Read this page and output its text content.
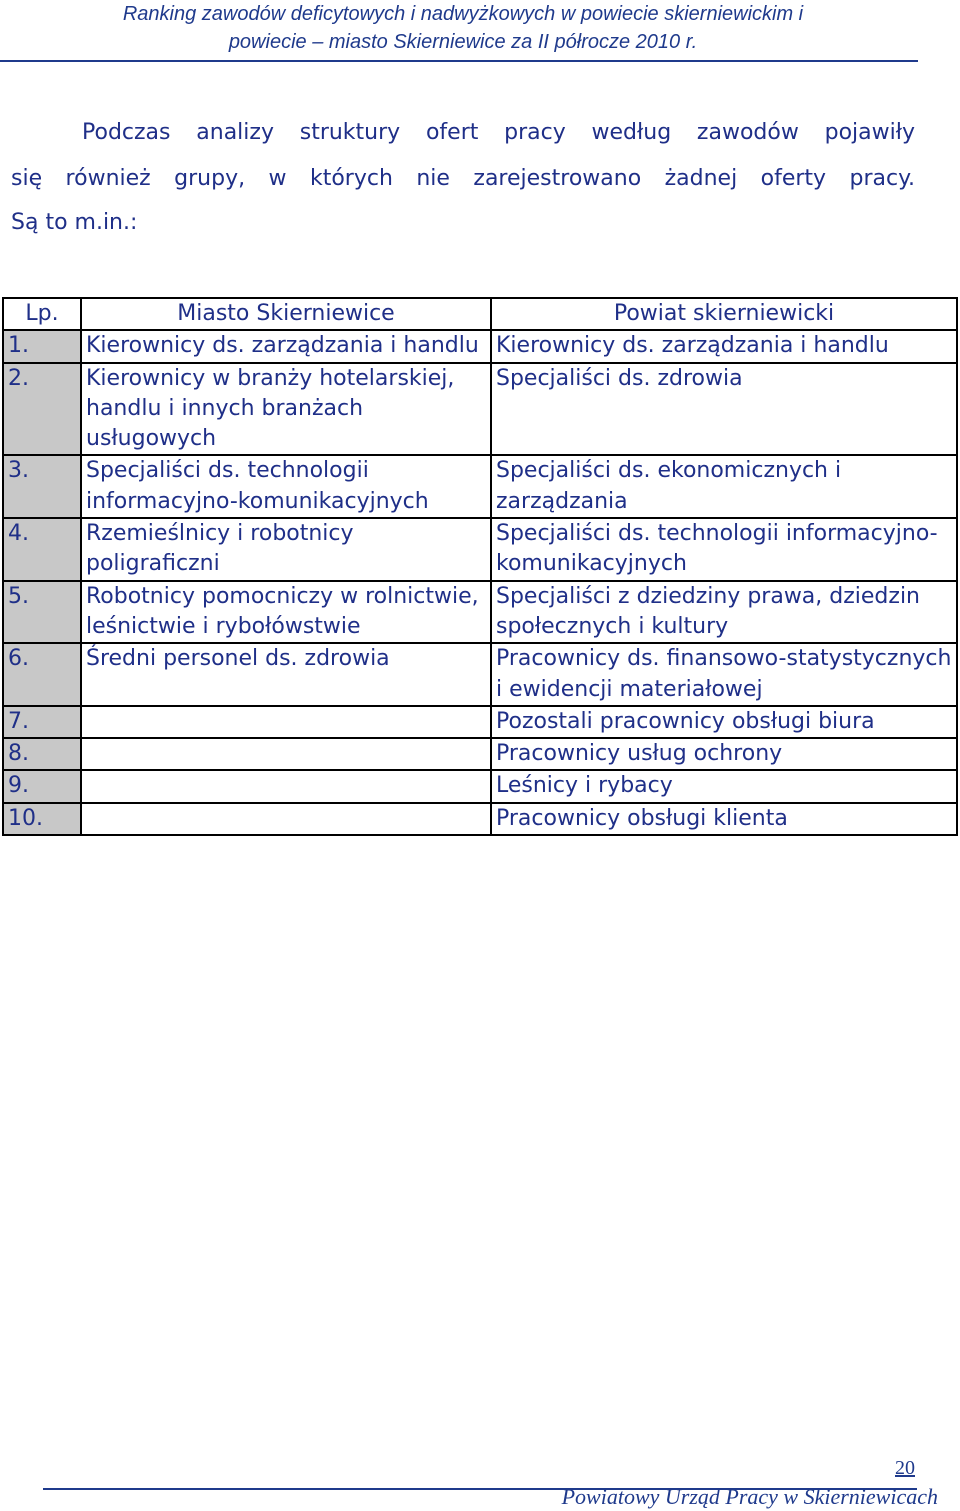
Ranking zawodów deficytowych i nadwyżkowych w powiecie skierniewickim i
powiecie – miasto Skierniewice za II półrocze 2010 r.
Podczas analizy struktury ofert pracy według zawodów pojawiły
się również grupy, w których nie zarejestrowano żadnej oferty pracy.
Są to m.in.:
Lp.	Miasto Skierniewice	Powiat skierniewicki
1.	Kierownicy ds. zarządzania i handlu	Kierownicy ds. zarządzania i handlu
2.	Kierownicy w branży hotelarskiej, handlu i innych branżach usługowych	Specjaliści ds. zdrowia
3.	Specjaliści ds. technologii informacyjno-komunikacyjnych	Specjaliści ds. ekonomicznych i zarządzania
4.	Rzemieślnicy i robotnicy poligraficzni	Specjaliści ds. technologii informacyjno-komunikacyjnych
5.	Robotnicy pomocniczy w rolnictwie, leśnictwie i rybołówstwie	Specjaliści z dziedziny prawa, dziedzin społecznych i kultury
6.	Średni personel ds. zdrowia	Pracownicy ds. finansowo-statystycznych i ewidencji materiałowej
7.		Pozostali pracownicy obsługi biura
8.		Pracownicy usług ochrony
9.		Leśnicy i rybacy
10.		Pracownicy obsługi klienta
20
Powiatowy Urząd Pracy w Skierniewicach
